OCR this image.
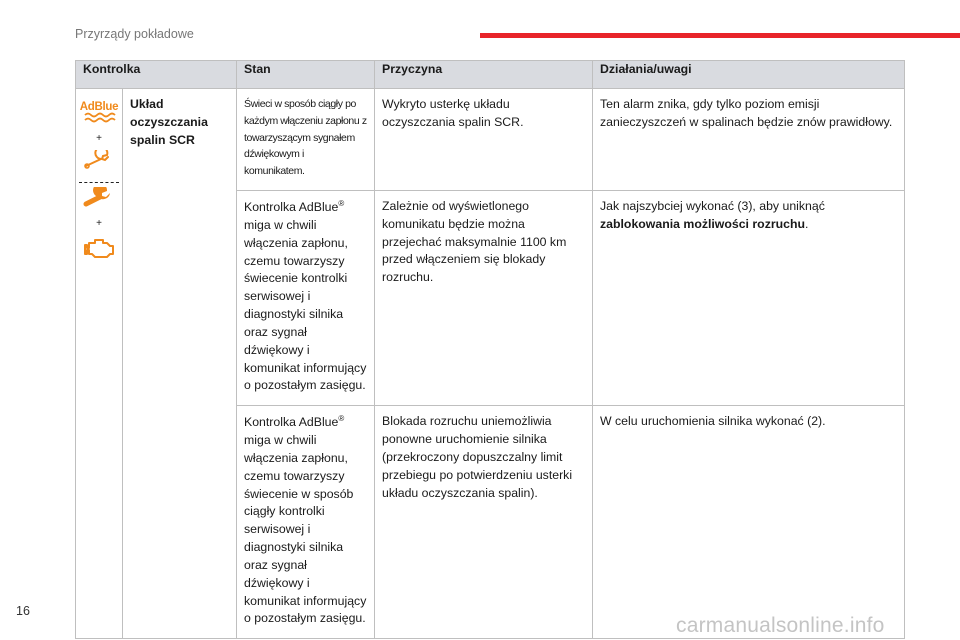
Przyrządy pokładowe
Kontrolka		Stan	Przyczyna	Działania/uwagi

AdBlue
+
+	Układ oczyszczania spalin SCR	Świeci w sposób ciągły po każdym włączeniu zapłonu z towarzyszącym sygnałem dźwiękowym i komunikatem.	Wykryto usterkę układu oczyszczania spalin SCR.	Ten alarm znika, gdy tylko poziom emisji zanieczyszczeń w spalinach będzie znów prawidłowy.
		Kontrolka AdBlue® miga w chwili włączenia zapłonu, czemu towarzyszy świecenie kontrolki serwisowej i diagnostyki silnika oraz sygnał dźwiękowy i komunikat informujący o pozostałym zasięgu.	Zależnie od wyświetlonego komunikatu będzie można przejechać maksymalnie 1100 km przed włączeniem się blokady rozruchu.	Jak najszybciej wykonać (3), aby uniknąć zablokowania możliwości rozruchu.
		Kontrolka AdBlue® miga w chwili włączenia zapłonu, czemu towarzyszy świecenie w sposób ciągły kontrolki serwisowej i diagnostyki silnika oraz sygnał dźwiękowy i komunikat informujący o pozostałym zasięgu.	Blokada rozruchu uniemożliwia ponowne uruchomienie silnika (przekroczony dopuszczalny limit przebiegu po potwierdzeniu usterki układu oczyszczania spalin).	W celu uruchomienia silnika wykonać (2).
16
carmanualsonline.info
